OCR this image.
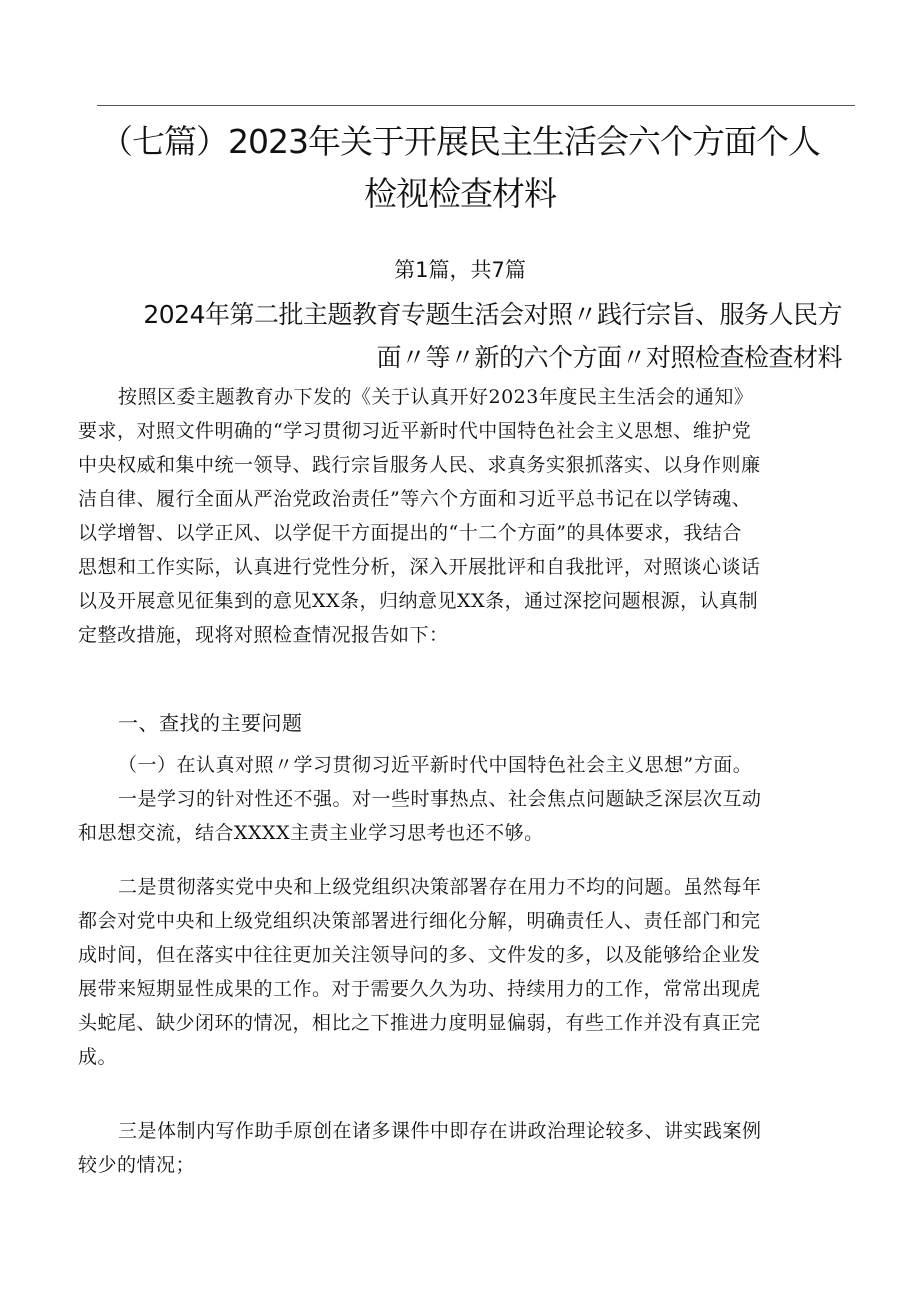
（七篇）2023年关于开展民主生活会六个方面个人
检视检查材料
第1篇，共7篇
2024年第二批主题教育专题生活会对照〃践行宗旨、服务人民方
面〃等〃新的六个方面〃对照检查检查材料
按照区委主题教育办下发的《关于认真开好2023年度民主生活会的通知》
要求，对照文件明确的“学习贯彻习近平新时代中国特色社会主义思想、维护党
中央权威和集中统一领导、践行宗旨服务人民、求真务实狠抓落实、以身作则廉
洁自律、履行全面从严治党政治责任”等六个方面和习近平总书记在以学铸魂、
以学增智、以学正风、以学促干方面提出的“十二个方面”的具体要求，我结合
思想和工作实际，认真进行党性分析，深入开展批评和自我批评，对照谈心谈话
以及开展意见征集到的意见XX条，归纳意见XX条，通过深挖问题根源，认真制
定整改措施，现将对照检查情况报告如下：
一、查找的主要问题
（一）在认真对照〃学习贯彻习近平新时代中国特色社会主义思想”方面。
一是学习的针对性还不强。对一些时事热点、社会焦点问题缺乏深层次互动
和思想交流，结合XXXX主责主业学习思考也还不够。
二是贯彻落实党中央和上级党组织决策部署存在用力不均的问题。虽然每年
都会对党中央和上级党组织决策部署进行细化分解，明确责任人、责任部门和完
成时间，但在落实中往往更加关注领导问的多、文件发的多，以及能够给企业发
展带来短期显性成果的工作。对于需要久久为功、持续用力的工作，常常出现虎
头蛇尾、缺少闭环的情况，相比之下推进力度明显偏弱，有些工作并没有真正完
成。
三是体制内写作助手原创在诸多课件中即存在讲政治理论较多、讲实践案例
较少的情况；
